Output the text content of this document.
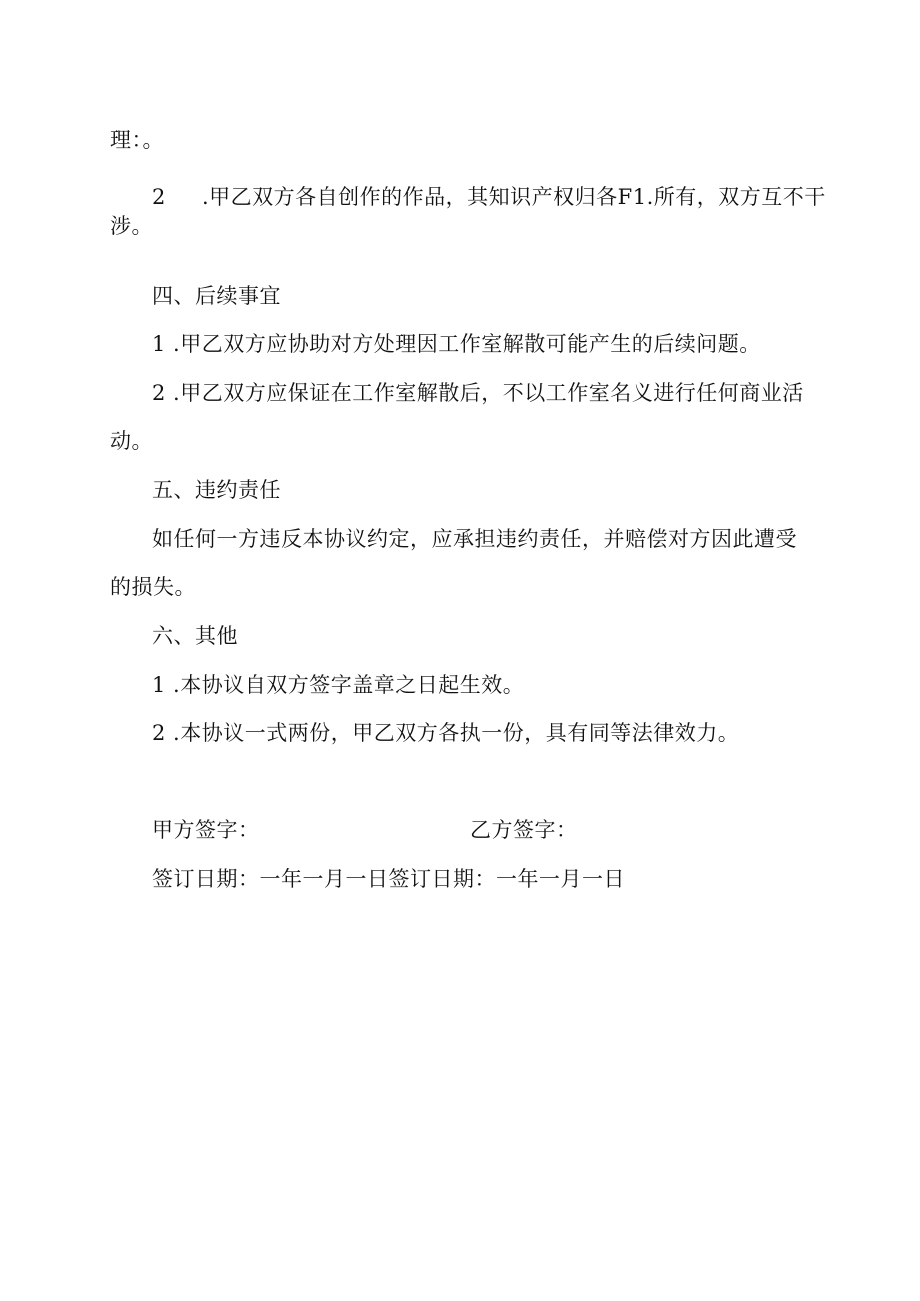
理：。
2 .甲乙双方各自创作的作品，其知识产权归各F1.所有，双方互不干
涉。
四、后续事宜
1 .甲乙双方应协助对方处理因工作室解散可能产生的后续问题。
2 .甲乙双方应保证在工作室解散后，不以工作室名义进行任何商业活
动。
五、违约责任
如任何一方违反本协议约定，应承担违约责任，并赔偿对方因此遭受
的损失。
六、其他
1 .本协议自双方签字盖章之日起生效。
2 .本协议一式两份，甲乙双方各执一份，具有同等法律效力。
甲方签字：	乙方签字：
签订日期：一年一月一日签订日期：一年一月一日
